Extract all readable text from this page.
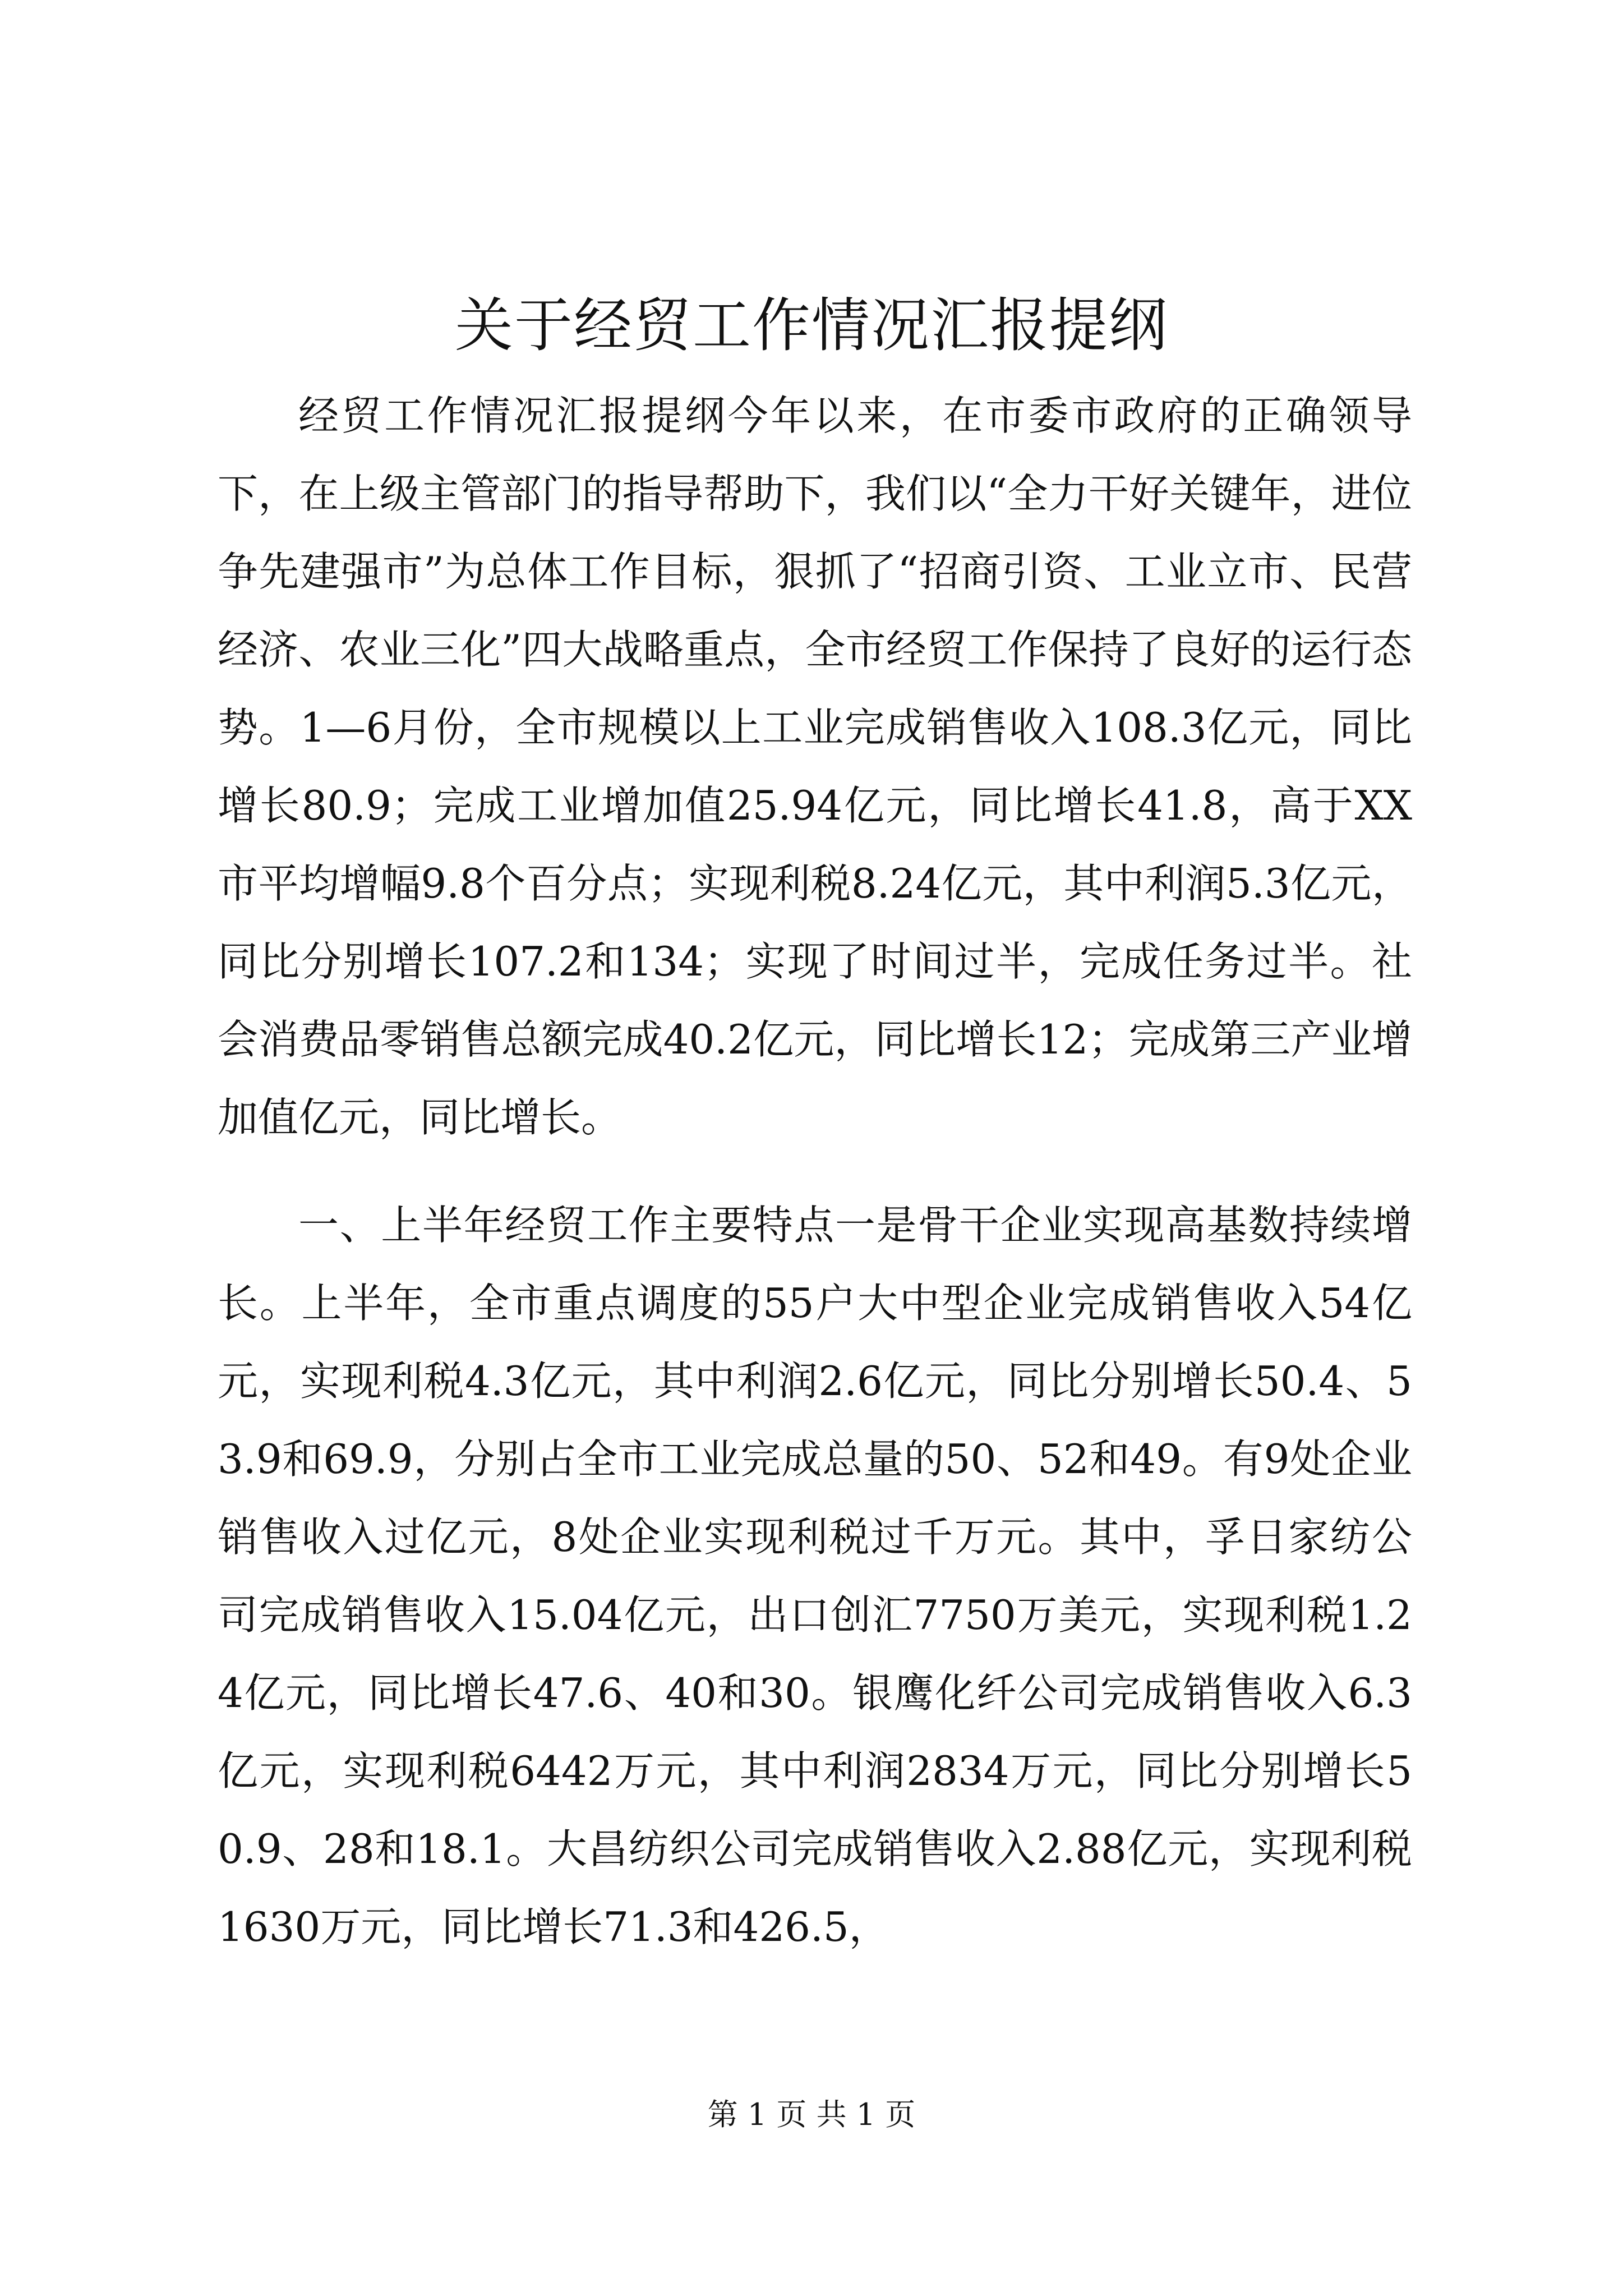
关于经贸工作情况汇报提纲

经贸工作情况汇报提纲今年以来，在市委市政府的正确领导下，在上级主管部门的指导帮助下，我们以“全力干好关键年，进位争先建强市”为总体工作目标，狠抓了“招商引资、工业立市、民营经济、农业三化”四大战略重点，全市经贸工作保持了良好的运行态势。1—6月份，全市规模以上工业完成销售收入108.3亿元，同比增长80.9；完成工业增加值25.94亿元，同比增长41.8，高于XX市平均增幅9.8个百分点；实现利税8.24亿元，其中利润5.3亿元，同比分别增长107.2和134；实现了时间过半，完成任务过半。社会消费品零销售总额完成40.2亿元，同比增长12；完成第三产业增加值亿元，同比增长。

一、上半年经贸工作主要特点一是骨干企业实现高基数持续增长。上半年，全市重点调度的55户大中型企业完成销售收入54亿元，实现利税4.3亿元，其中利润2.6亿元，同比分别增长50.4、53.9和69.9，分别占全市工业完成总量的50、52和49。有9处企业销售收入过亿元，8处企业实现利税过千万元。其中，孚日家纺公司完成销售收入15.04亿元，出口创汇7750万美元，实现利税1.24亿元，同比增长47.6、40和30。银鹰化纤公司完成销售收入6.3亿元，实现利税6442万元，其中利润2834万元，同比分别增长50.9、28和18.1。大昌纺织公司完成销售收入2.88亿元，实现利税1630万元，同比增长71.3和426.5，

第 1 页 共 1 页
